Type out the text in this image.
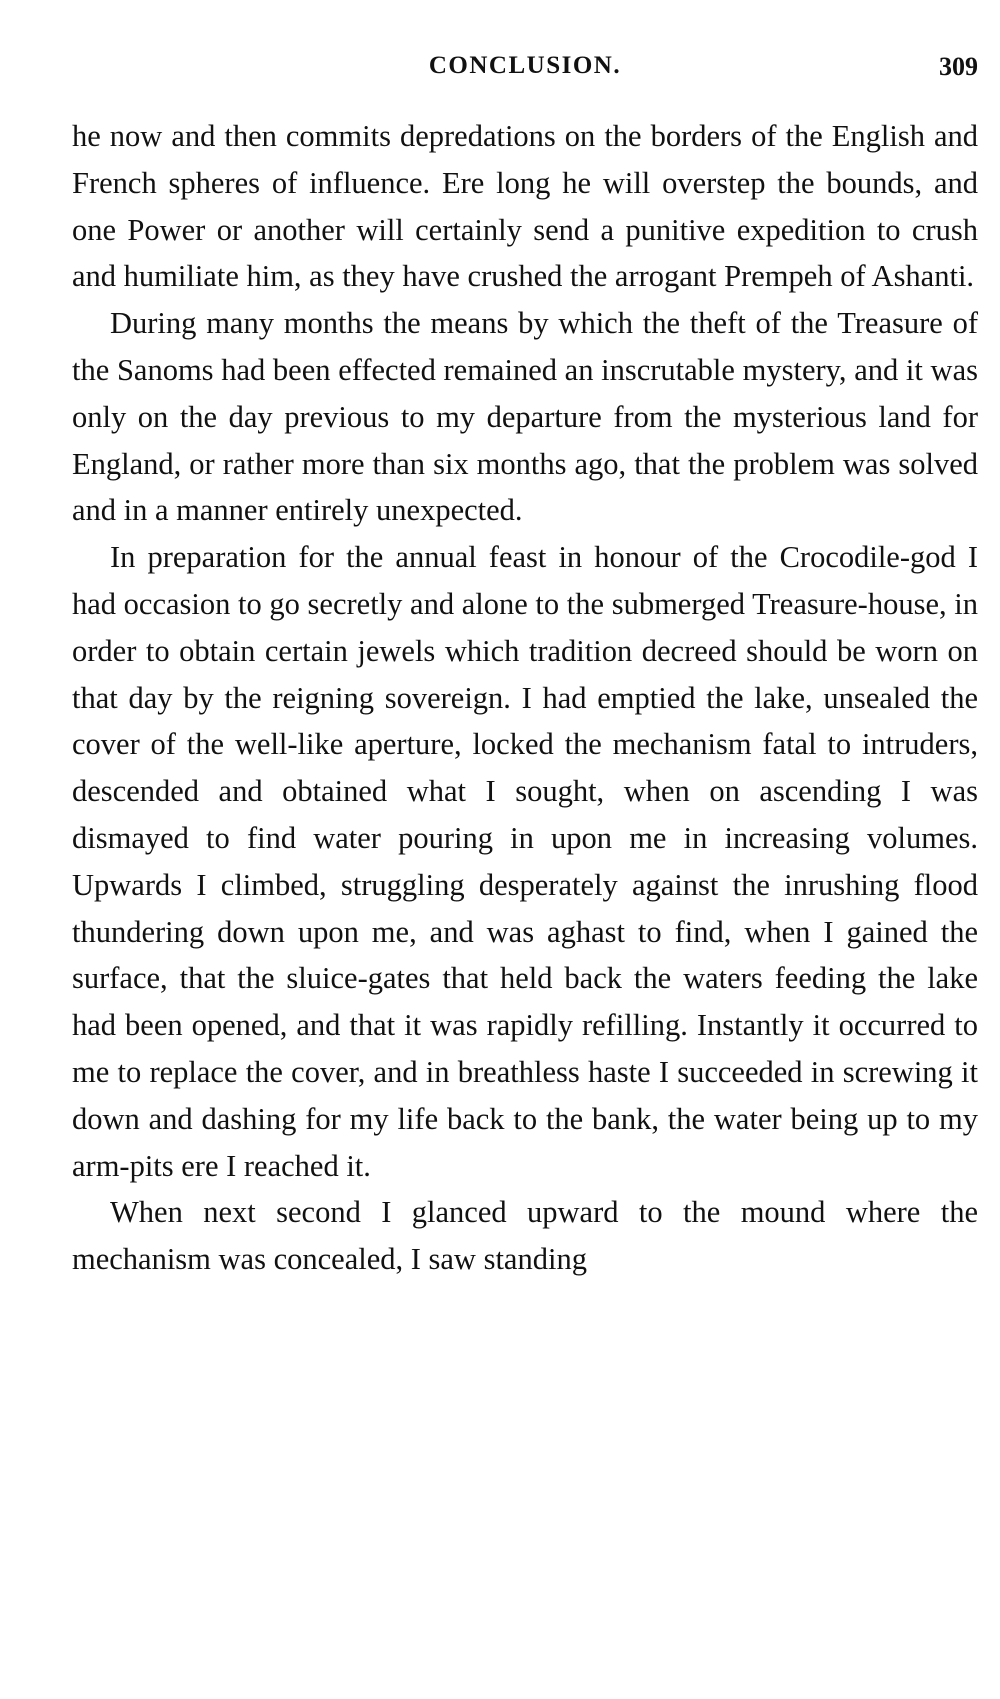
CONCLUSION.	309

he now and then commits depredations on the borders of the English and French spheres of influence. Ere long he will overstep the bounds, and one Power or another will certainly send a punitive expedition to crush and humiliate him, as they have crushed the arrogant Prempeh of Ashanti.

During many months the means by which the theft of the Treasure of the Sanoms had been effected remained an inscrutable mystery, and it was only on the day previous to my departure from the mysterious land for England, or rather more than six months ago, that the problem was solved and in a manner entirely unexpected.

In preparation for the annual feast in honour of the Crocodile-god I had occasion to go secretly and alone to the submerged Treasure-house, in order to obtain certain jewels which tradition decreed should be worn on that day by the reigning sovereign. I had emptied the lake, unsealed the cover of the well-like aperture, locked the mechanism fatal to intruders, descended and obtained what I sought, when on ascending I was dismayed to find water pouring in upon me in increasing volumes. Upwards I climbed, struggling desperately against the inrushing flood thundering down upon me, and was aghast to find, when I gained the surface, that the sluice-gates that held back the waters feeding the lake had been opened, and that it was rapidly refilling. Instantly it occurred to me to replace the cover, and in breathless haste I succeeded in screwing it down and dashing for my life back to the bank, the water being up to my arm-pits ere I reached it.

When next second I glanced upward to the mound where the mechanism was concealed, I saw standing
